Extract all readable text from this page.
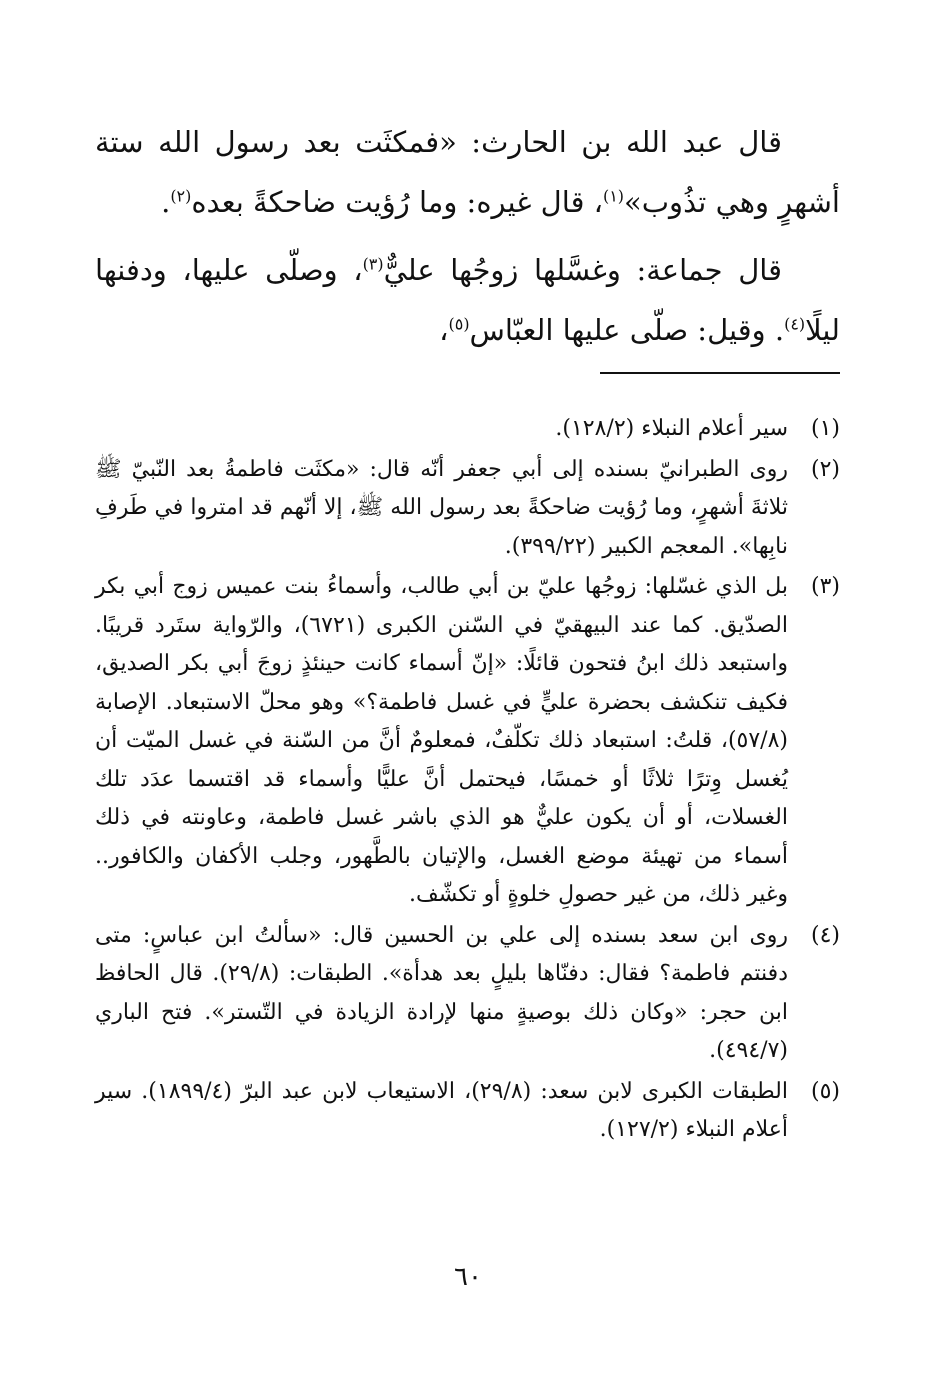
قال عبد الله بن الحارث: «فمكثَت بعد رسول الله ستة أشهرٍ وهي تذُوب»$^{(١)}$، قال غيره: وما رُؤيت ضاحكةً بعده$^{(٢)}$.

قال جماعة: وغسَّلها زوجُها عليٌّ$^{(٣)}$، وصلّى عليها، ودفنها ليلًا$^{(٤)}$. وقيل: صلّى عليها العبّاس$^{(٥)}$،

(١)
سير أعلام النبلاء (١٢٨/٢).
(٢)
روى الطبرانيّ بسنده إلى أبي جعفر أنّه قال: «مكثَت فاطمةُ بعد النّبيّ ﷺ ثلاثةَ أشهرٍ، وما رُؤيت ضاحكةً بعد رسول الله ﷺ، إلا أنّهم قد امتروا في طَرفِ نابِها». المعجم الكبير (٣٩٩/٢٢).
(٣)
بل الذي غسّلها: زوجُها عليّ بن أبي طالب، وأسماءُ بنت عميس زوج أبي بكر الصدّيق. كما عند البيهقيّ في السّنن الكبرى (٦٧٢١)، والرّواية ستَرد قريبًا. واستبعد ذلك ابنُ فتحون قائلًا: «إنّ أسماء كانت حينئذٍ زوجَ أبي بكر الصديق، فكيف تنكشف بحضرة عليٍّ في غسل فاطمة؟» وهو محلّ الاستبعاد. الإصابة (٥٧/٨)، قلتُ: استبعاد ذلك تكلّفٌ، فمعلومٌ أنَّ من السّنة في غسل الميّت أن يُغسل وِترًا ثلاثًا أو خمسًا، فيحتمل أنَّ عليًّا وأسماء قد اقتسما عدَد تلك الغسلات، أو أن يكون عليٌّ هو الذي باشر غسل فاطمة، وعاونته في ذلك أسماء من تهيئة موضع الغسل، والإتيان بالطَّهور، وجلب الأكفان والكافور.. وغير ذلك، من غير حصولِ خلوةٍ أو تكشّف.
(٤)
روى ابن سعد بسنده إلى علي بن الحسين قال: «سألتُ ابن عباسٍ: متى دفنتم فاطمة؟ فقال: دفنّاها بليلٍ بعد هدأة». الطبقات: (٢٩/٨). قال الحافظ ابن حجر: «وكان ذلك بوصيةٍ منها لإرادة الزيادة في التّستر». فتح الباري (٤٩٤/٧).
(٥)
الطبقات الكبرى لابن سعد: (٢٩/٨)، الاستيعاب لابن عبد البرّ (١٨٩٩/٤). سير أعلام النبلاء (١٢٧/٢).
٦٠
